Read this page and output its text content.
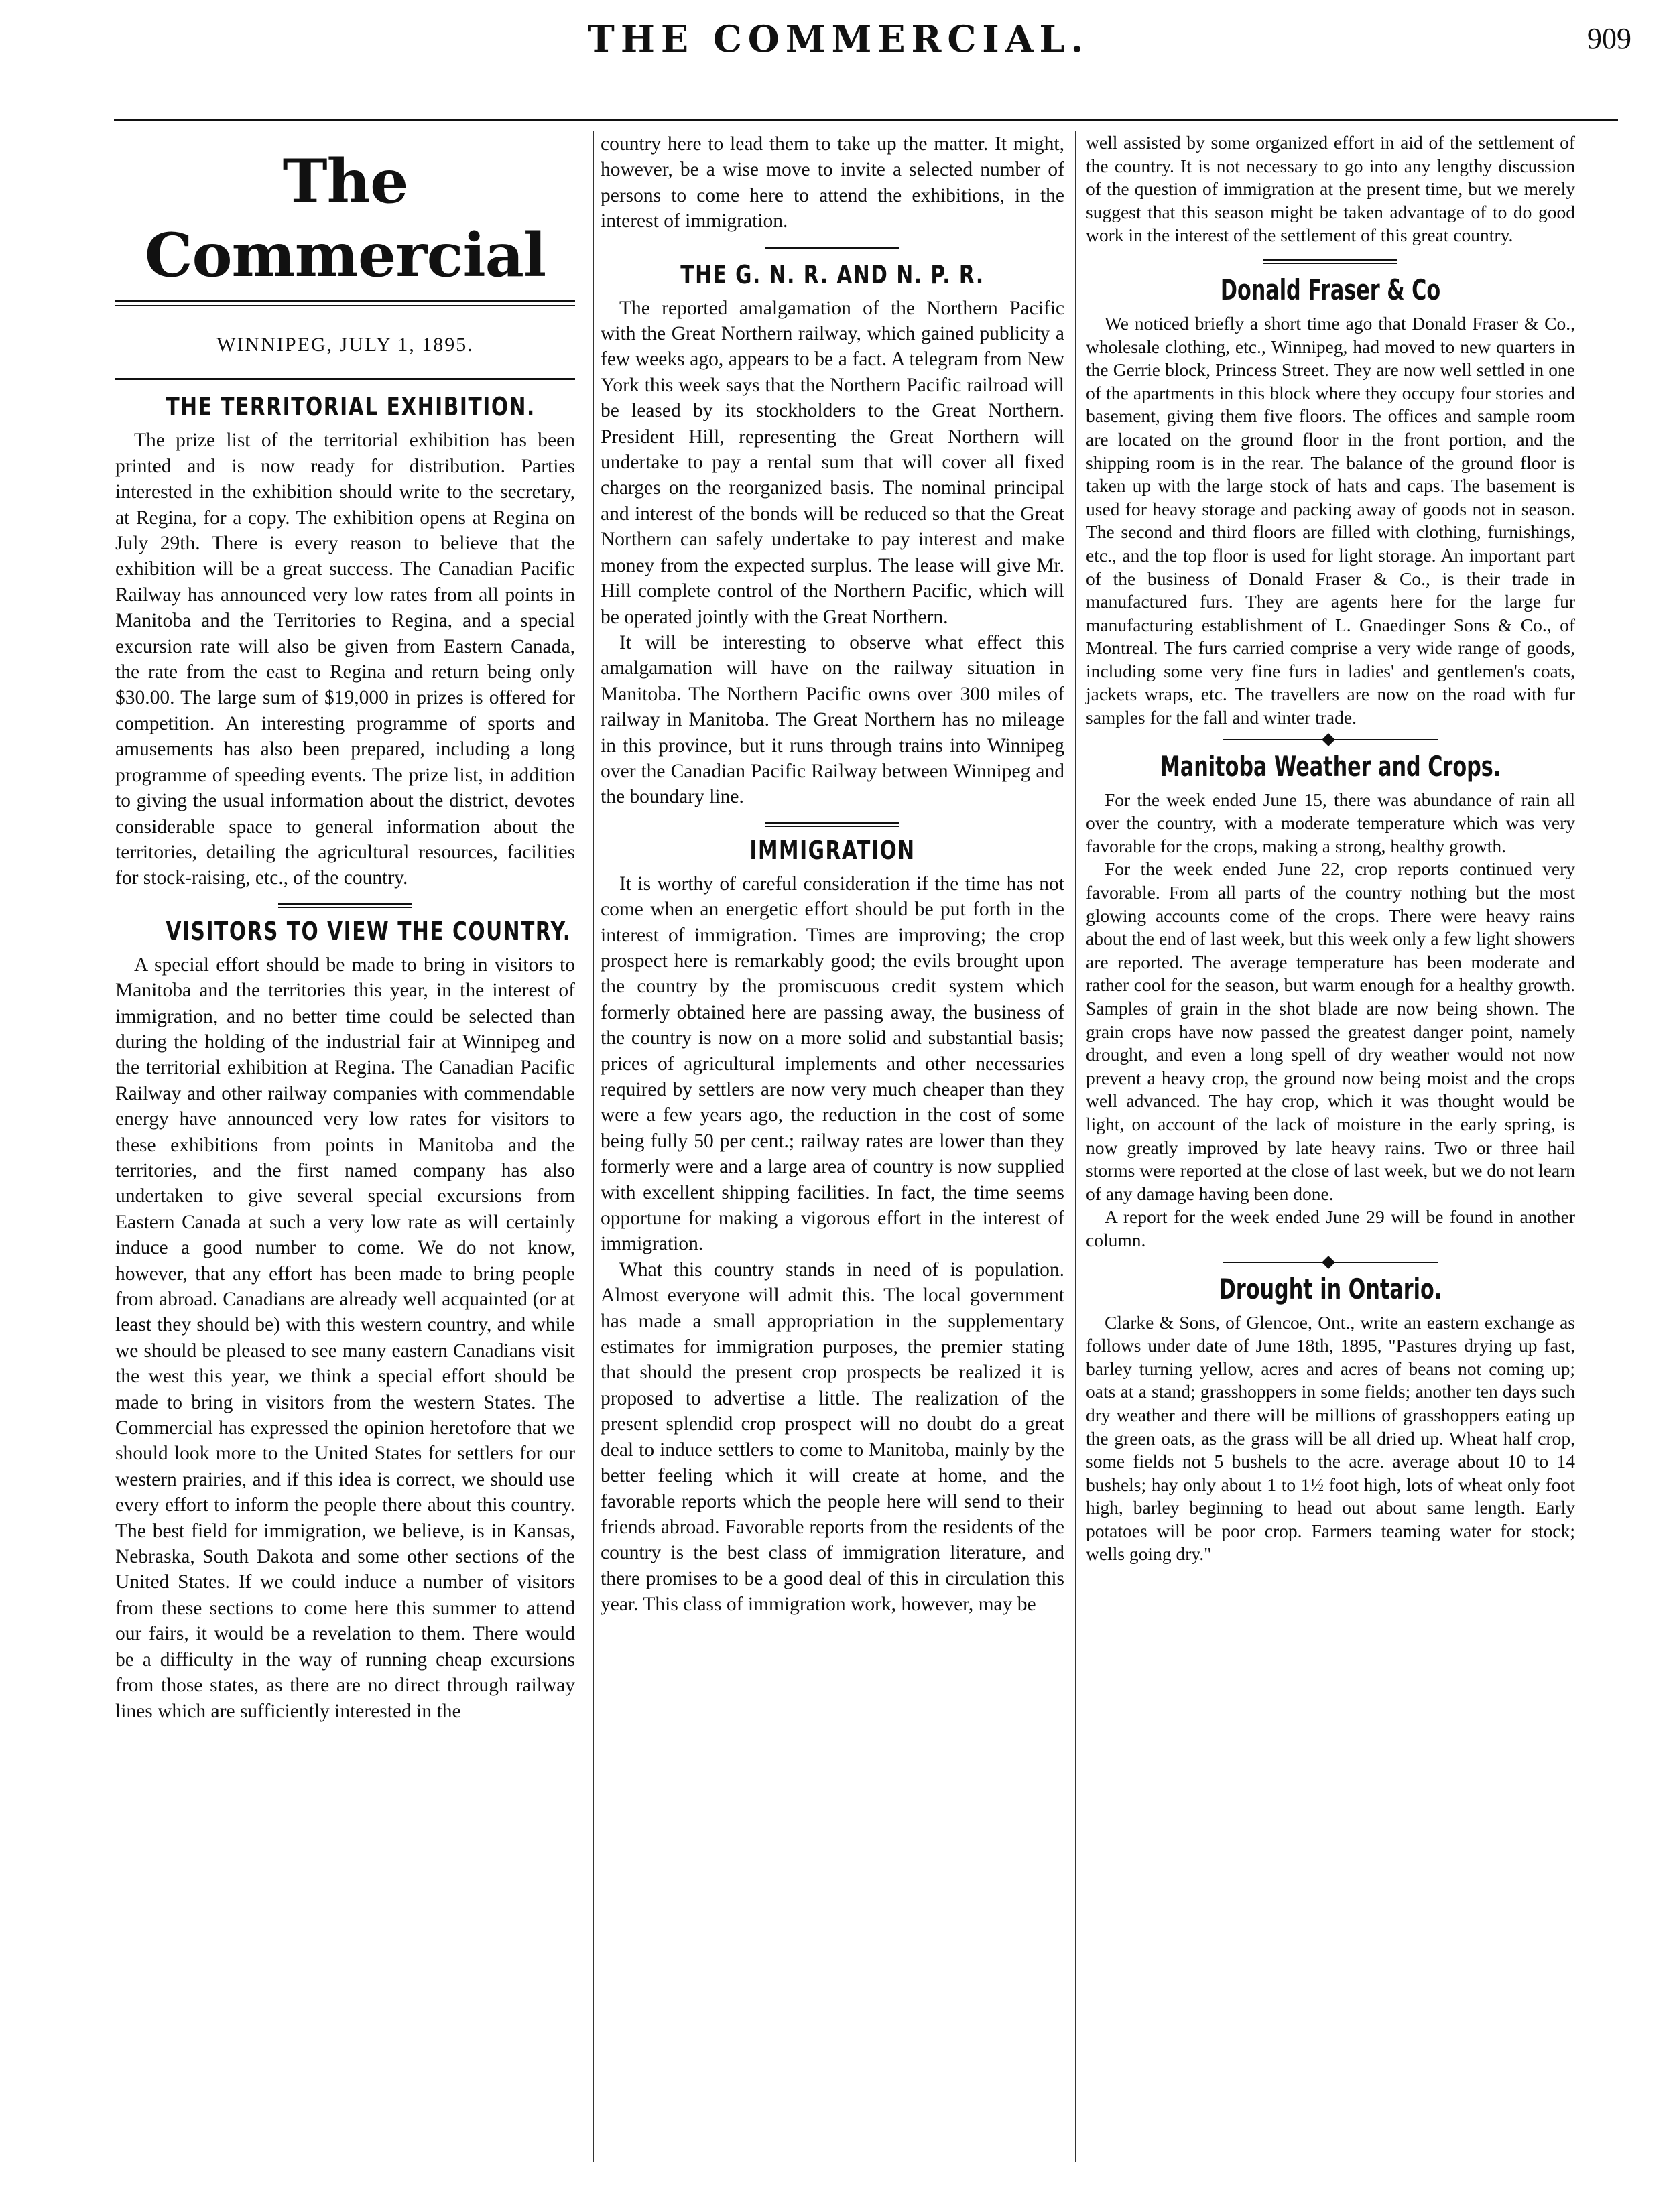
THE COMMERCIAL.	909
The Commercial
WINNIPEG, JULY 1, 1895.
THE TERRITORIAL EXHIBITION.

The prize list of the territorial exhibition has been printed and is now ready for distribution. Parties interested in the exhibition should write to the secretary, at Regina, for a copy. The exhibition opens at Regina on July 29th. There is every reason to believe that the exhibition will be a great success. The Canadian Pacific Railway has announced very low rates from all points in Manitoba and the Territories to Regina, and a special excursion rate will also be given from Eastern Canada, the rate from the east to Regina and return being only $30.00. The large sum of $19,000 in prizes is offered for competition. An interesting programme of sports and amusements has also been prepared, including a long programme of speeding events. The prize list, in addition to giving the usual information about the district, devotes considerable space to general information about the territories, detailing the agricultural resources, facilities for stock-raising, etc., of the country.

VISITORS TO VIEW THE COUNTRY.

A special effort should be made to bring in visitors to Manitoba and the territories this year, in the interest of immigration, and no better time could be selected than during the holding of the industrial fair at Winnipeg and the territorial exhibition at Regina. The Canadian Pacific Railway and other railway companies with commendable energy have announced very low rates for visitors to these exhibitions from points in Manitoba and the territories, and the first named company has also undertaken to give several special excursions from Eastern Canada at such a very low rate as will certainly induce a good number to come. We do not know, however, that any effort has been made to bring people from abroad. Canadians are already well acquainted (or at least they should be) with this western country, and while we should be pleased to see many eastern Canadians visit the west this year, we think a special effort should be made to bring in visitors from the western States. The Commercial has expressed the opinion heretofore that we should look more to the United States for settlers for our western prairies, and if this idea is correct, we should use every effort to inform the people there about this country. The best field for immigration, we believe, is in Kansas, Nebraska, South Dakota and some other sections of the United States. If we could induce a number of visitors from these sections to come here this summer to attend our fairs, it would be a revelation to them. There would be a difficulty in the way of running cheap excursions from those states, as there are no direct through railway lines which are sufficiently interested in the

country here to lead them to take up the matter. It might, however, be a wise move to invite a selected number of persons to come here to attend the exhibitions, in the interest of immigration.

THE G. N. R. AND N. P. R.

The reported amalgamation of the Northern Pacific with the Great Northern railway, which gained publicity a few weeks ago, appears to be a fact. A telegram from New York this week says that the Northern Pacific railroad will be leased by its stockholders to the Great Northern. President Hill, representing the Great Northern will undertake to pay a rental sum that will cover all fixed charges on the reorganized basis. The nominal principal and interest of the bonds will be reduced so that the Great Northern can safely undertake to pay interest and make money from the expected surplus. The lease will give Mr. Hill complete control of the Northern Pacific, which will be operated jointly with the Great Northern.

It will be interesting to observe what effect this amalgamation will have on the railway situation in Manitoba. The Northern Pacific owns over 300 miles of railway in Manitoba. The Great Northern has no mileage in this province, but it runs through trains into Winnipeg over the Canadian Pacific Railway between Winnipeg and the boundary line.

IMMIGRATION

It is worthy of careful consideration if the time has not come when an energetic effort should be put forth in the interest of immigration. Times are improving; the crop prospect here is remarkably good; the evils brought upon the country by the promiscuous credit system which formerly obtained here are passing away, the business of the country is now on a more solid and substantial basis; prices of agricultural implements and other necessaries required by settlers are now very much cheaper than they were a few years ago, the reduction in the cost of some being fully 50 per cent.; railway rates are lower than they formerly were and a large area of country is now supplied with excellent shipping facilities. In fact, the time seems opportune for making a vigorous effort in the interest of immigration.

What this country stands in need of is population. Almost everyone will admit this. The local government has made a small appropriation in the supplementary estimates for immigration purposes, the premier stating that should the present crop prospects be realized it is proposed to advertise a little. The realization of the present splendid crop prospect will no doubt do a great deal to induce settlers to come to Manitoba, mainly by the better feeling which it will create at home, and the favorable reports which the people here will send to their friends abroad. Favorable reports from the residents of the country is the best class of immigration literature, and there promises to be a good deal of this in circulation this year. This class of immigration work, however, may be

well assisted by some organized effort in aid of the settlement of the country. It is not necessary to go into any lengthy discussion of the question of immigration at the present time, but we merely suggest that this season might be taken advantage of to do good work in the interest of the settlement of this great country.

Donald Fraser & Co

We noticed briefly a short time ago that Donald Fraser & Co., wholesale clothing, etc., Winnipeg, had moved to new quarters in the Gerrie block, Princess Street. They are now well settled in one of the apartments in this block where they occupy four stories and basement, giving them five floors. The offices and sample room are located on the ground floor in the front portion, and the shipping room is in the rear. The balance of the ground floor is taken up with the large stock of hats and caps. The basement is used for heavy storage and packing away of goods not in season. The second and third floors are filled with clothing, furnishings, etc., and the top floor is used for light storage. An important part of the business of Donald Fraser & Co., is their trade in manufactured furs. They are agents here for the large fur manufacturing establishment of L. Gnaedinger Sons & Co., of Montreal. The furs carried comprise a very wide range of goods, including some very fine furs in ladies' and gentlemen's coats, jackets wraps, etc. The travellers are now on the road with fur samples for the fall and winter trade.

Manitoba Weather and Crops.

For the week ended June 15, there was abundance of rain all over the country, with a moderate temperature which was very favorable for the crops, making a strong, healthy growth.

For the week ended June 22, crop reports continued very favorable. From all parts of the country nothing but the most glowing accounts come of the crops. There were heavy rains about the end of last week, but this week only a few light showers are reported. The average temperature has been moderate and rather cool for the season, but warm enough for a healthy growth. Samples of grain in the shot blade are now being shown. The grain crops have now passed the greatest danger point, namely drought, and even a long spell of dry weather would not now prevent a heavy crop, the ground now being moist and the crops well advanced. The hay crop, which it was thought would be light, on account of the lack of moisture in the early spring, is now greatly improved by late heavy rains. Two or three hail storms were reported at the close of last week, but we do not learn of any damage having been done.

A report for the week ended June 29 will be found in another column.

Drought in Ontario.

Clarke & Sons, of Glencoe, Ont., write an eastern exchange as follows under date of June 18th, 1895, "Pastures drying up fast, barley turning yellow, acres and acres of beans not coming up; oats at a stand; grasshoppers in some fields; another ten days such dry weather and there will be millions of grasshoppers eating up the green oats, as the grass will be all dried up. Wheat half crop, some fields not 5 bushels to the acre. average about 10 to 14 bushels; hay only about 1 to 1½ foot high, lots of wheat only foot high, barley beginning to head out about same length. Early potatoes will be poor crop. Farmers teaming water for stock; wells going dry."
